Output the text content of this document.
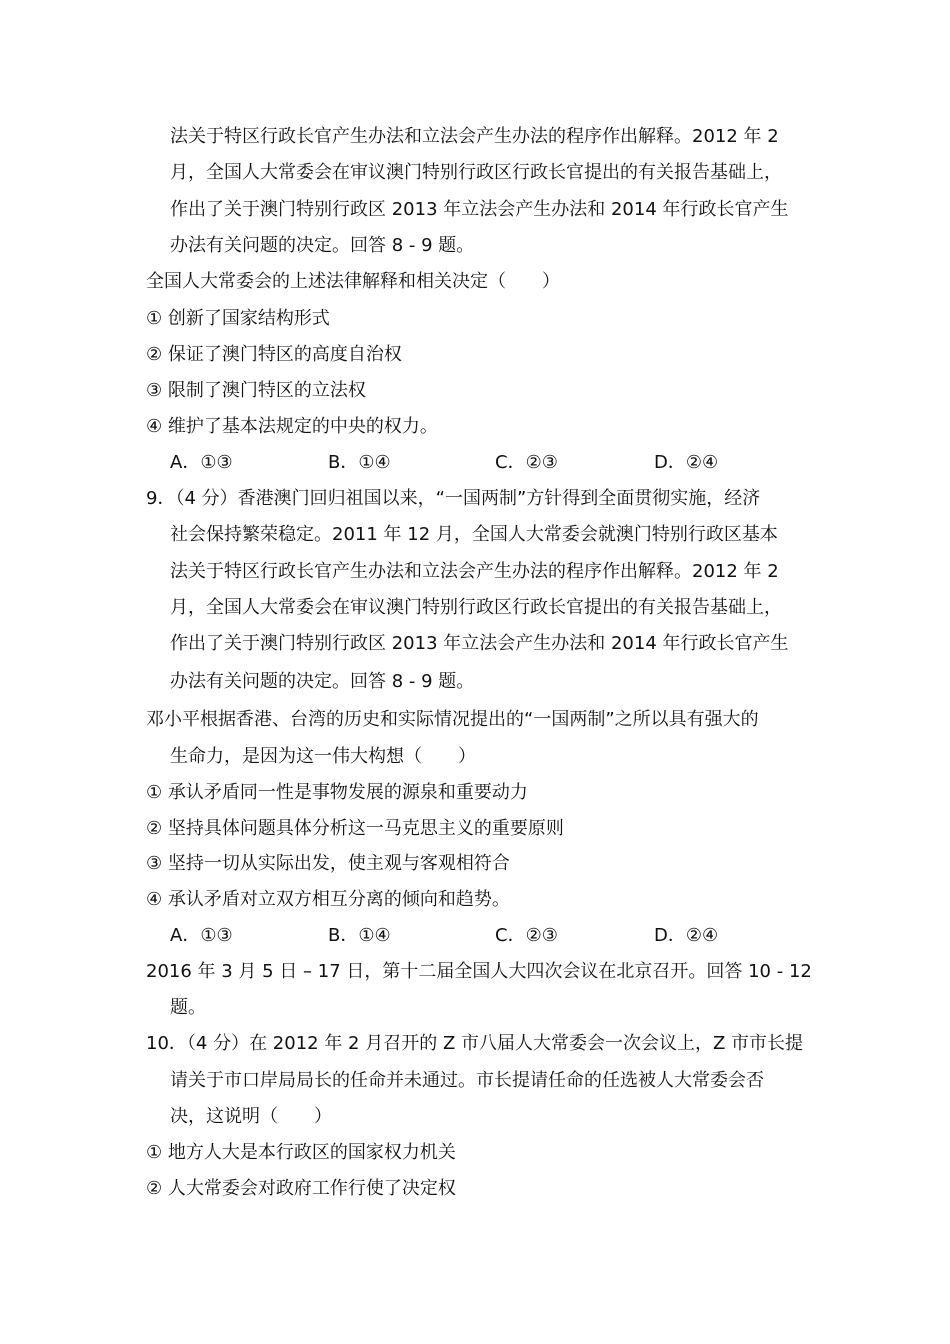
法关于特区行政长官产生办法和立法会产生办法的程序作出解释。2012 年 2
月，全国人大常委会在审议澳门特别行政区行政长官提出的有关报告基础上，
作出了关于澳门特别行政区 2013 年立法会产生办法和 2014 年行政长官产生
办法有关问题的决定。回答 8 - 9 题。
全国人大常委会的上述法律解释和相关决定（　　）
① 创新了国家结构形式
② 保证了澳门特区的高度自治权
③ 限制了澳门特区的立法权
④ 维护了基本法规定的中央的权力。
A．①③	B．①④	C．②③	D．②④
9．（4 分）香港澳门回归祖国以来，“一国两制”方针得到全面贯彻实施，经济
社会保持繁荣稳定。2011 年 12 月，全国人大常委会就澳门特别行政区基本
法关于特区行政长官产生办法和立法会产生办法的程序作出解释。2012 年 2
月，全国人大常委会在审议澳门特别行政区行政长官提出的有关报告基础上，
作出了关于澳门特别行政区 2013 年立法会产生办法和 2014 年行政长官产生
办法有关问题的决定。回答 8 - 9 题。
邓小平根据香港、台湾的历史和实际情况提出的“一国两制”之所以具有强大的
生命力，是因为这一伟大构想（　　）
① 承认矛盾同一性是事物发展的源泉和重要动力
② 坚持具体问题具体分析这一马克思主义的重要原则
③ 坚持一切从实际出发，使主观与客观相符合
④ 承认矛盾对立双方相互分离的倾向和趋势。
A．①③	B．①④	C．②③	D．②④
2016 年 3 月 5 日 – 17 日，第十二届全国人大四次会议在北京召开。回答 10 - 12
题。
10．（4 分）在 2012 年 2 月召开的 Z 市八届人大常委会一次会议上，Z 市市长提
请关于市口岸局局长的任命并未通过。市长提请任命的任选被人大常委会否
决，这说明（　　）
① 地方人大是本行政区的国家权力机关
② 人大常委会对政府工作行使了决定权
